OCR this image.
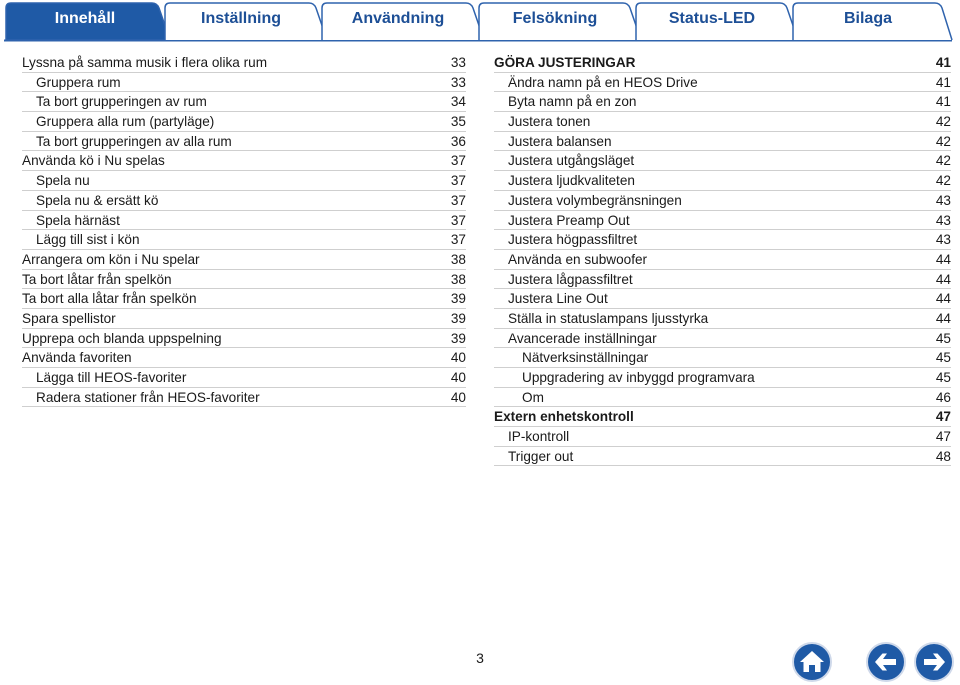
Innehåll	Inställning	Användning	Felsökning	Status-LED	Bilaga
Lyssna på samma musik i flera olika rum	33
Gruppera rum	33
Ta bort grupperingen av rum	34
Gruppera alla rum (partyläge)	35
Ta bort grupperingen av alla rum	36
Använda kö i Nu spelas	37
Spela nu	37
Spela nu & ersätt kö	37
Spela härnäst	37
Lägg till sist i kön	37
Arrangera om kön i Nu spelar	38
Ta bort låtar från spelkön	38
Ta bort alla låtar från spelkön	39
Spara spellistor	39
Upprepa och blanda uppspelning	39
Använda favoriten	40
Lägga till HEOS-favoriter	40
Radera stationer från HEOS-favoriter	40
GÖRA JUSTERINGAR	41
Ändra namn på en HEOS Drive	41
Byta namn på en zon	41
Justera tonen	42
Justera balansen	42
Justera utgångsläget	42
Justera ljudkvaliteten	42
Justera volymbegränsningen	43
Justera Preamp Out	43
Justera högpassfiltret	43
Använda en subwoofer	44
Justera lågpassfiltret	44
Justera Line Out	44
Ställa in statuslampans ljusstyrka	44
Avancerade inställningar	45
Nätverksinställningar	45
Uppgradering av inbyggd programvara	45
Om	46
Extern enhetskontroll	47
IP-kontroll	47
Trigger out	48
3
